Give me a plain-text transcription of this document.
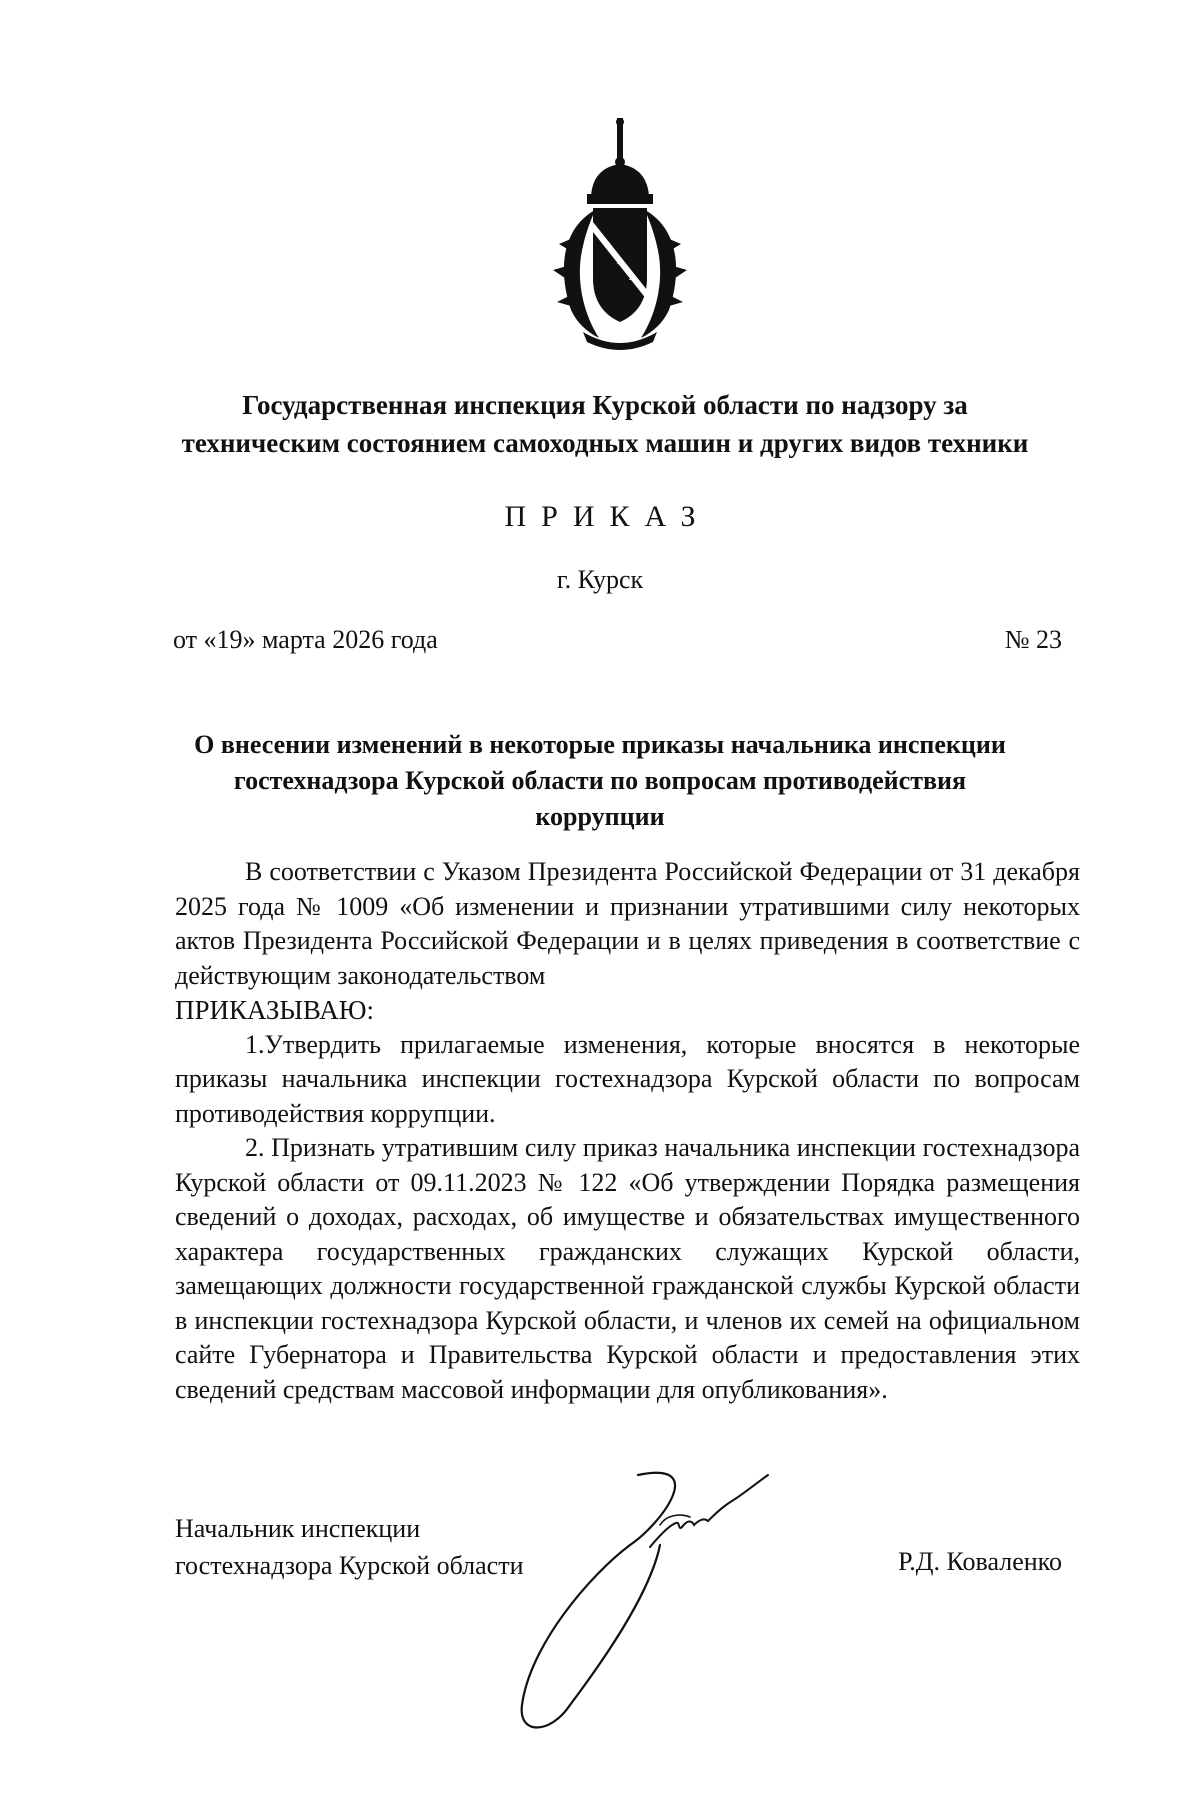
Государственная инспекция Курской области по надзору за
техническим состоянием самоходных машин и других видов техники
ПРИКАЗ
г. Курск
от «19» марта 2026 года	№ 23
О внесении изменений в некоторые приказы начальника инспекции
гостехнадзора Курской области по вопросам противодействия
коррупции

В соответствии с Указом Президента Российской Федерации от 31 декабря 2025 года № 1009 «Об изменении и признании утратившими силу некоторых актов Президента Российской Федерации и в целях приведения в соответствие с действующим законодательством

ПРИКАЗЫВАЮ:

1.Утвердить прилагаемые изменения, которые вносятся в некоторые приказы начальника инспекции гостехнадзора Курской области по вопросам противодействия коррупции.

2. Признать утратившим силу приказ начальника инспекции гостехнадзора Курской области от 09.11.2023 № 122 «Об утверждении Порядка размещения сведений о доходах, расходах, об имуществе и обязательствах имущественного характера государственных гражданских служащих Курской области, замещающих должности государственной гражданской службы Курской области в инспекции гостехнадзора Курской области, и членов их семей на официальном сайте Губернатора и Правительства Курской области и предоставления этих сведений средствам массовой информации для опубликования».

Начальник инспекции
гостехнадзора Курской области	Р.Д. Коваленко
